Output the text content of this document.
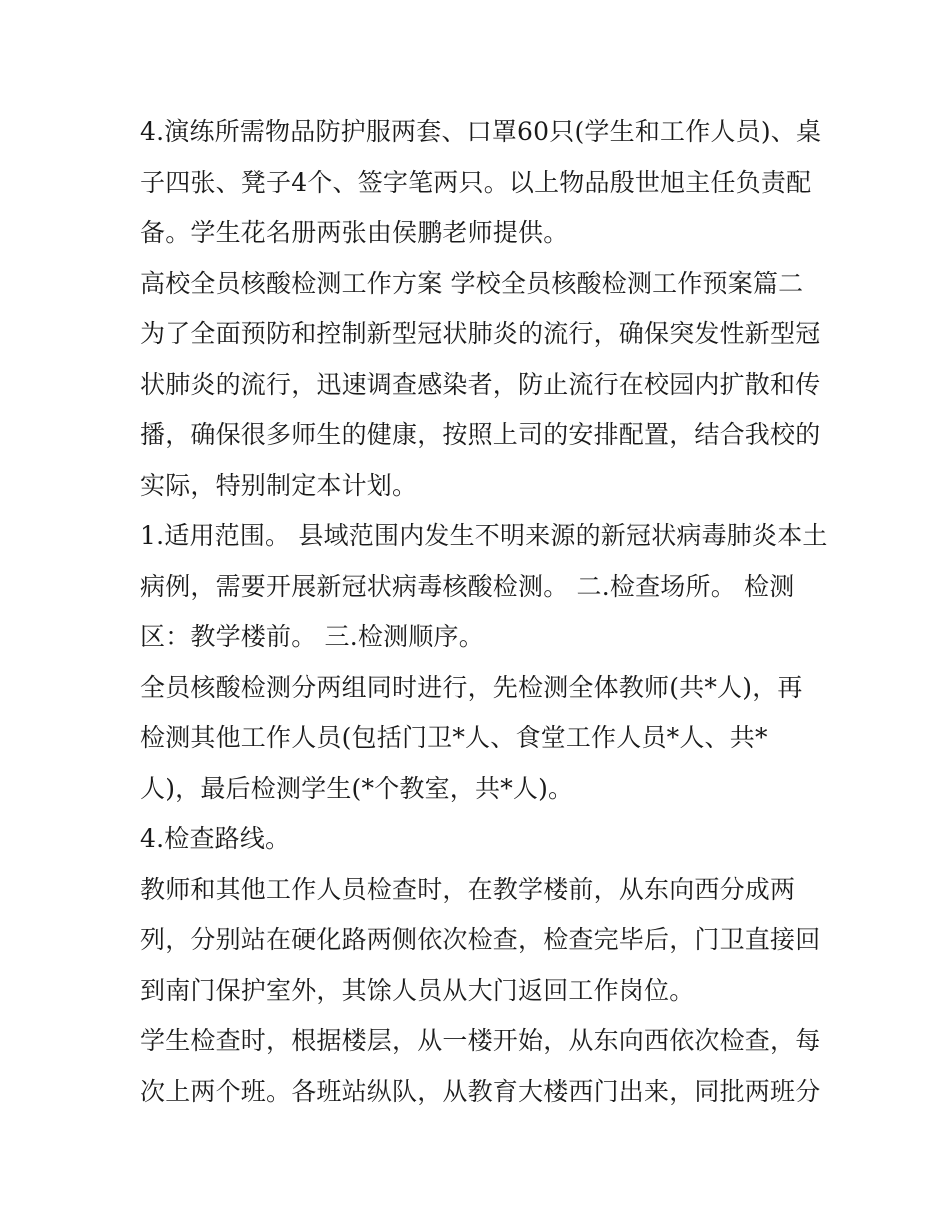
4.演练所需物品防护服两套、口罩60只(学生和工作人员)、桌
子四张、凳子4个、签字笔两只。以上物品殷世旭主任负责配
备。学生花名册两张由侯鹏老师提供。
高校全员核酸检测工作方案 学校全员核酸检测工作预案篇二
为了全面预防和控制新型冠状肺炎的流行，确保突发性新型冠
状肺炎的流行，迅速调查感染者，防止流行在校园内扩散和传
播，确保很多师生的健康，按照上司的安排配置，结合我校的
实际，特别制定本计划。
1.适用范围。 县域范围内发生不明来源的新冠状病毒肺炎本土
病例，需要开展新冠状病毒核酸检测。 二.检查场所。 检测
区：教学楼前。 三.检测顺序。
全员核酸检测分两组同时进行，先检测全体教师(共*人)，再
检测其他工作人员(包括门卫*人、食堂工作人员*人、共*
人)，最后检测学生(*个教室，共*人)。
4.检查路线。
教师和其他工作人员检查时，在教学楼前，从东向西分成两
列，分别站在硬化路两侧依次检查，检查完毕后，门卫直接回
到南门保护室外，其馀人员从大门返回工作岗位。
学生检查时，根据楼层，从一楼开始，从东向西依次检查，每
次上两个班。各班站纵队，从教育大楼西门出来，同批两班分
